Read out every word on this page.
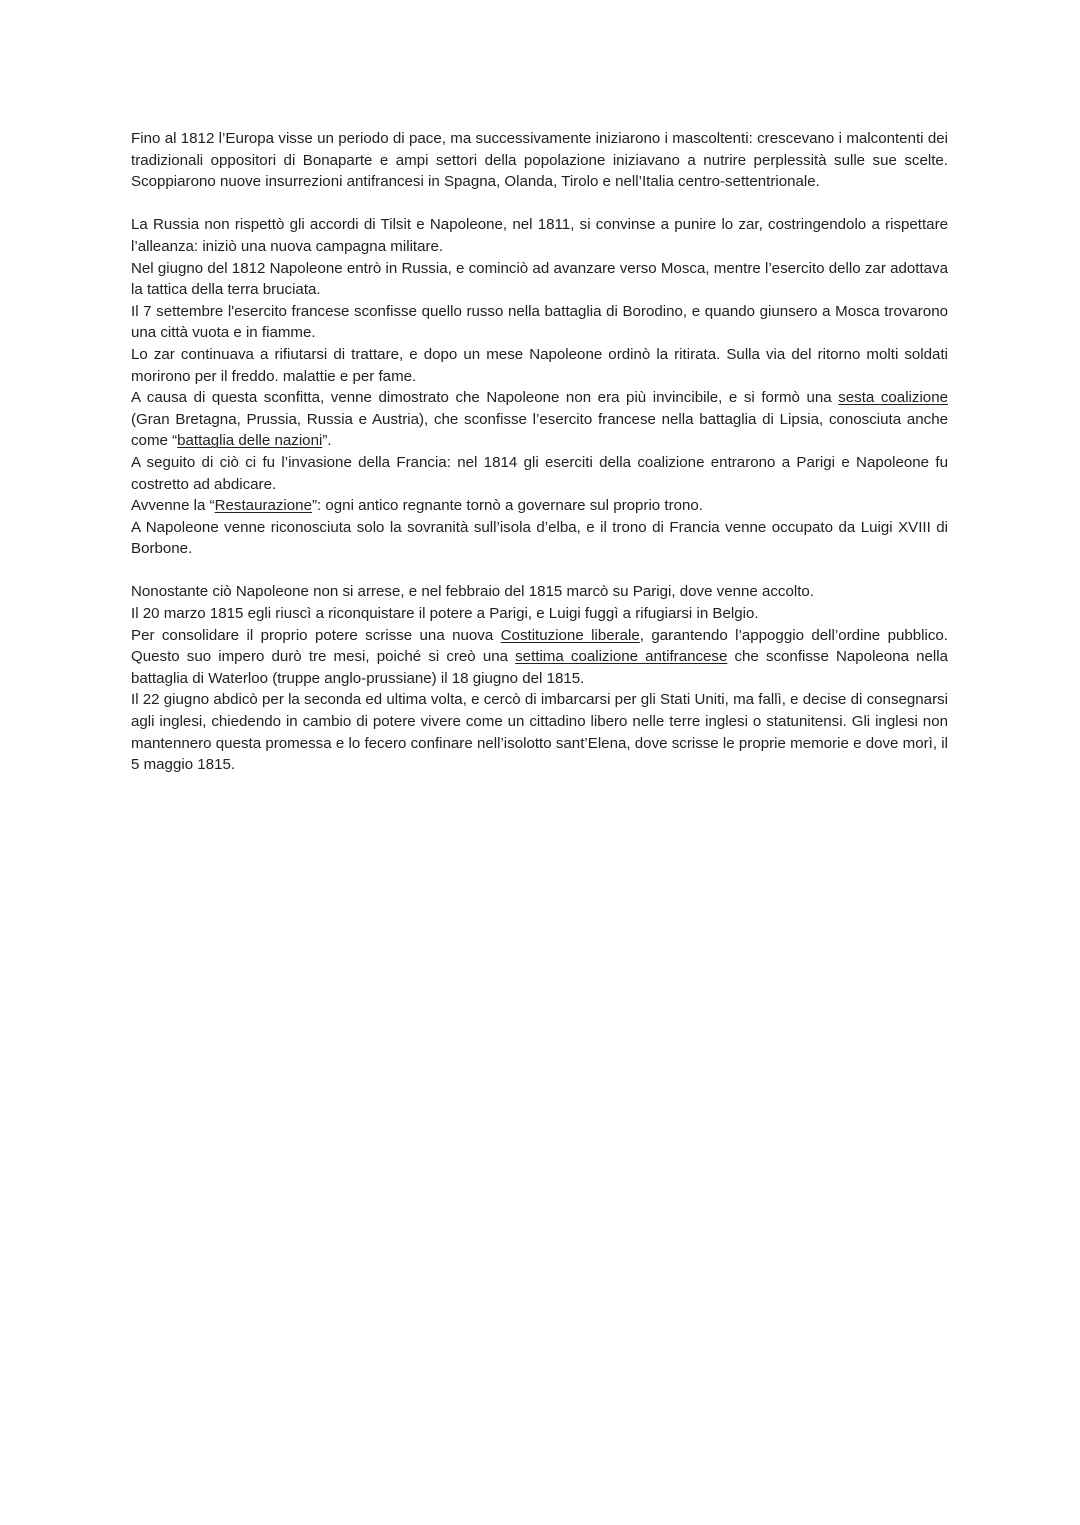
Fino al 1812 l’Europa visse un periodo di pace, ma successivamente iniziarono i mascoltenti: crescevano i malcontenti dei tradizionali oppositori di Bonaparte e ampi settori della popolazione iniziavano a nutrire perplessità sulle sue scelte. Scoppiarono nuove insurrezioni antifrancesi in Spagna, Olanda, Tirolo e nell’Italia centro-settentrionale.

La Russia non rispettò gli accordi di Tilsit e Napoleone, nel 1811, si convinse a punire lo zar, costringendolo a rispettare l’alleanza: iniziò una nuova campagna militare.

Nel giugno del 1812 Napoleone entrò in Russia, e cominciò ad avanzare verso Mosca, mentre l’esercito dello zar adottava la tattica della terra bruciata.

Il 7 settembre l'esercito francese sconfisse quello russo nella battaglia di Borodino, e quando giunsero a Mosca trovarono una città vuota e in fiamme.

Lo zar continuava a rifiutarsi di trattare, e dopo un mese Napoleone ordinò la ritirata. Sulla via del ritorno molti soldati morirono per il freddo. malattie e per fame.

A causa di questa sconfitta, venne dimostrato che Napoleone non era più invincibile, e si formò una sesta coalizione (Gran Bretagna, Prussia, Russia e Austria), che sconfisse l’esercito francese nella battaglia di Lipsia, conosciuta anche come “battaglia delle nazioni”.

A seguito di ciò ci fu l’invasione della Francia: nel 1814 gli eserciti della coalizione entrarono a Parigi e Napoleone fu costretto ad abdicare.

Avvenne la “Restaurazione”: ogni antico regnante tornò a governare sul proprio trono.

A Napoleone venne riconosciuta solo la sovranità sull’isola d’elba, e il trono di Francia venne occupato da Luigi XVIII di Borbone.

Nonostante ciò Napoleone non si arrese, e nel febbraio del 1815 marcò su Parigi, dove venne accolto.

Il 20 marzo 1815 egli riuscì a riconquistare il potere a Parigi, e Luigi fuggì a rifugiarsi in Belgio.

Per consolidare il proprio potere scrisse una nuova Costituzione liberale, garantendo l’appoggio dell’ordine pubblico. Questo suo impero durò tre mesi, poiché si creò una settima coalizione antifrancese che sconfisse Napoleona nella battaglia di Waterloo (truppe anglo-prussiane) il 18 giugno del 1815.

Il 22 giugno abdicò per la seconda ed ultima volta, e cercò di imbarcarsi per gli Stati Uniti, ma fallì, e decise di consegnarsi agli inglesi, chiedendo in cambio di potere vivere come un cittadino libero nelle terre inglesi o statunitensi. Gli inglesi non mantennero questa promessa e lo fecero confinare nell’isolotto sant’Elena, dove scrisse le proprie memorie e dove morì, il 5 maggio 1815.
